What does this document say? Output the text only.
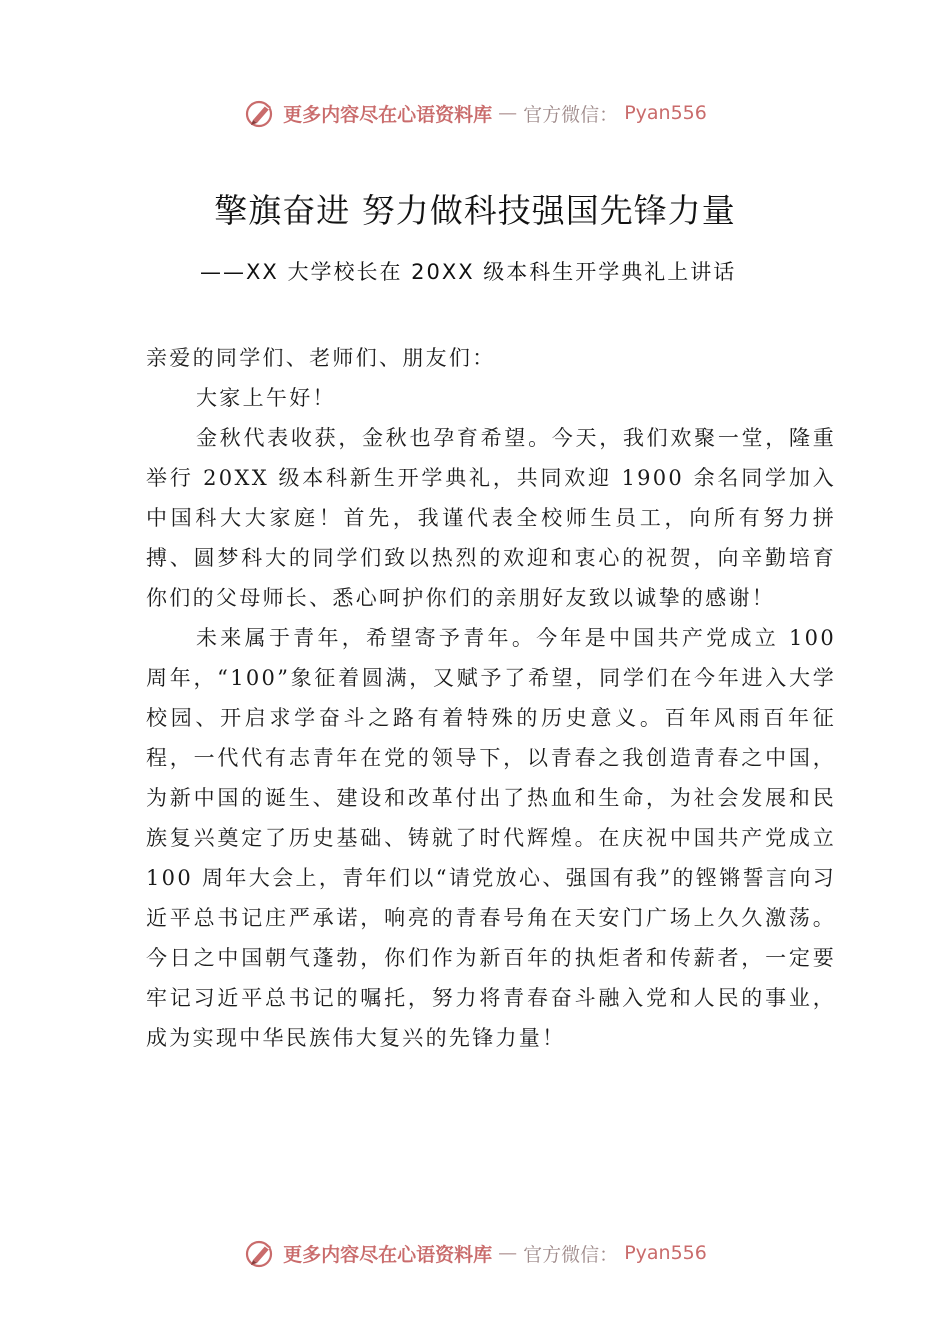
更多内容尽在心语资料库 — 官方微信： Pyan556
擎旗奋进 努力做科技强国先锋力量
——XX 大学校长在 20XX 级本科生开学典礼上讲话

亲爱的同学们、老师们、朋友们：

大家上午好！

金秋代表收获，金秋也孕育希望。今天，我们欢聚一堂，隆重举行 20XX 级本科新生开学典礼，共同欢迎 1900 余名同学加入中国科大大家庭！首先，我谨代表全校师生员工，向所有努力拼搏、圆梦科大的同学们致以热烈的欢迎和衷心的祝贺，向辛勤培育你们的父母师长、悉心呵护你们的亲朋好友致以诚挚的感谢！

未来属于青年，希望寄予青年。今年是中国共产党成立 100 周年，“100”象征着圆满，又赋予了希望，同学们在今年进入大学校园、开启求学奋斗之路有着特殊的历史意义。百年风雨百年征程，一代代有志青年在党的领导下，以青春之我创造青春之中国，为新中国的诞生、建设和改革付出了热血和生命，为社会发展和民族复兴奠定了历史基础、铸就了时代辉煌。在庆祝中国共产党成立 100 周年大会上，青年们以“请党放心、强国有我”的铿锵誓言向习近平总书记庄严承诺，响亮的青春号角在天安门广场上久久激荡。今日之中国朝气蓬勃，你们作为新百年的执炬者和传薪者，一定要牢记习近平总书记的嘱托，努力将青春奋斗融入党和人民的事业，成为实现中华民族伟大复兴的先锋力量！

更多内容尽在心语资料库 — 官方微信： Pyan556
